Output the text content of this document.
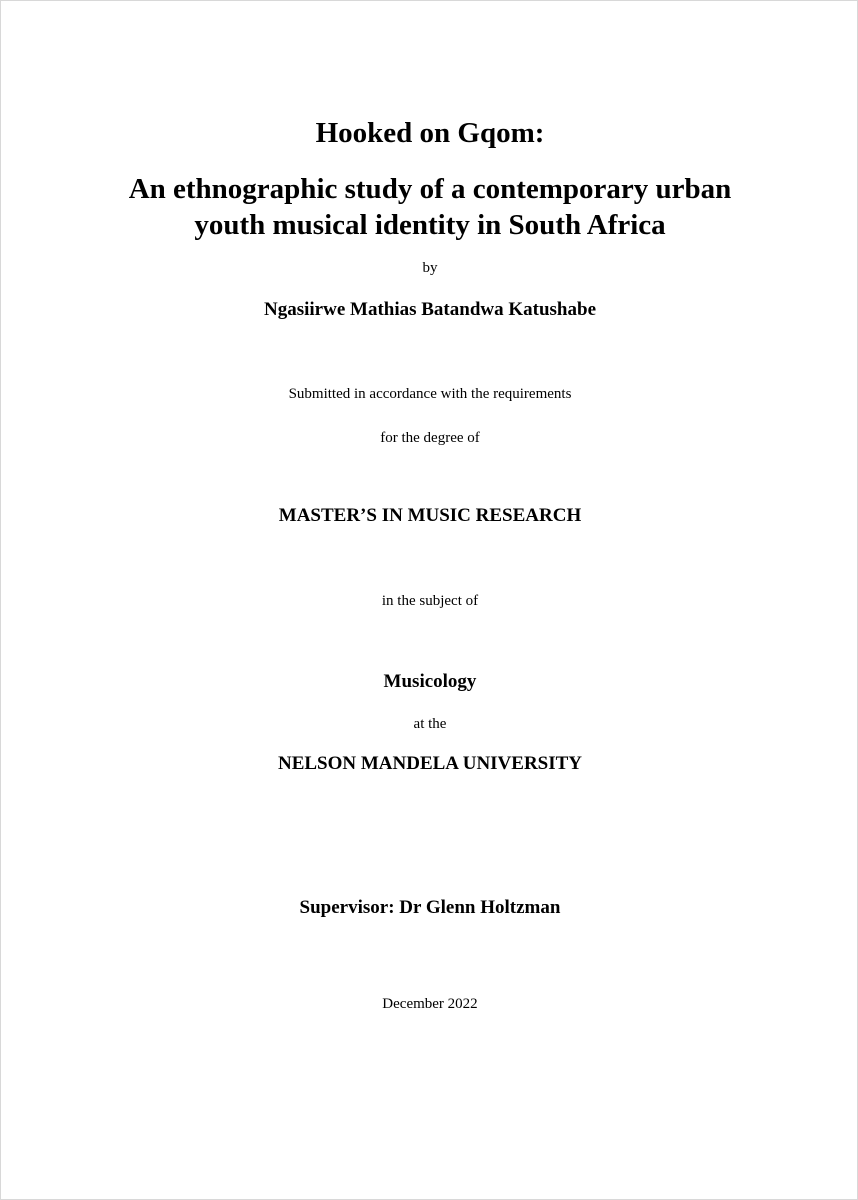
Hooked on Gqom:
An ethnographic study of a contemporary urban
youth musical identity in South Africa
by
Ngasiirwe Mathias Batandwa Katushabe
Submitted in accordance with the requirements
for the degree of
MASTER’S IN MUSIC RESEARCH
in the subject of
Musicology
at the
NELSON MANDELA UNIVERSITY
Supervisor: Dr Glenn Holtzman
December 2022
